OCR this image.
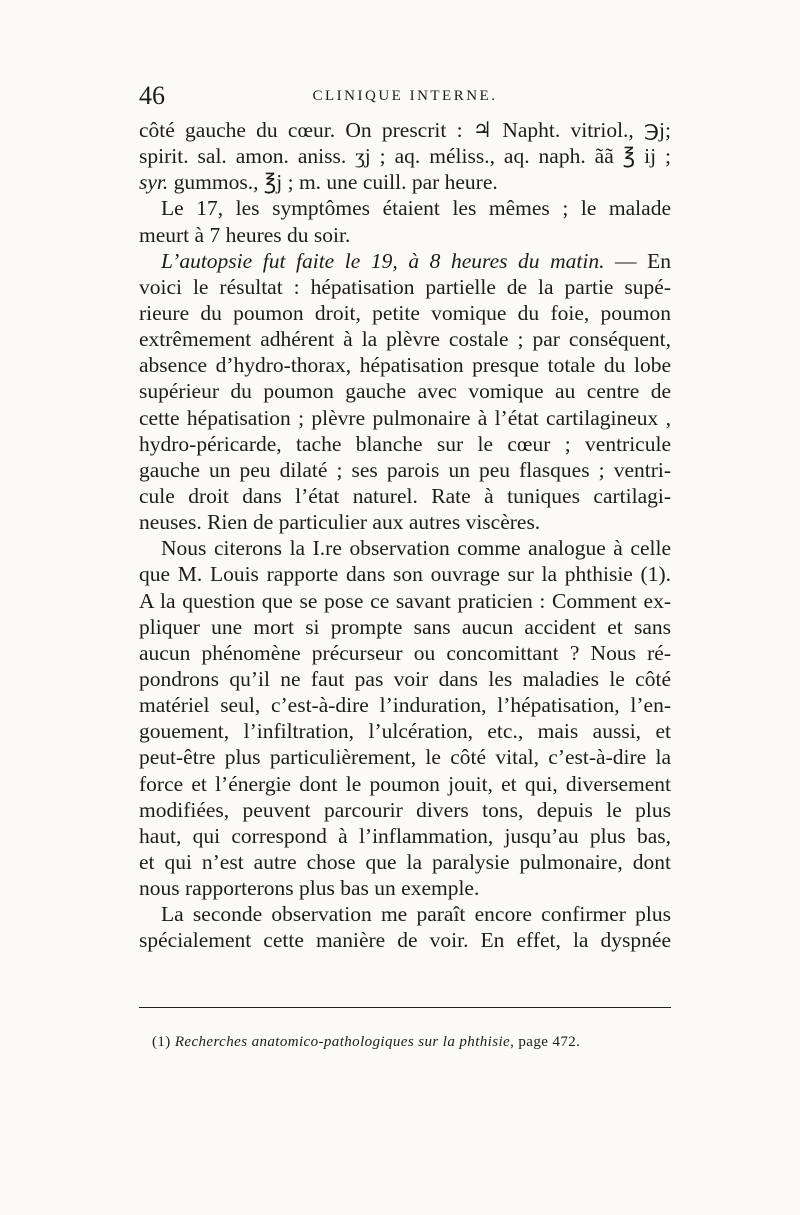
46	CLINIQUE INTERNE.
côté gauche du cœur. On prescrit : ♃ Napht. vitriol., ℈j;
spirit. sal. amon. aniss. ʒj ; aq. méliss., aq. naph. ãã ℥ ij ;
syr. gummos., ℥j ; m. une cuill. par heure.
Le 17, les symptômes étaient les mêmes ; le malade
meurt à 7 heures du soir.
L’autopsie fut faite le 19, à 8 heures du matin. — En
voici le résultat : hépatisation partielle de la partie supé-
rieure du poumon droit, petite vomique du foie, poumon
extrêmement adhérent à la plèvre costale ; par conséquent,
absence d’hydro-thorax, hépatisation presque totale du lobe
supérieur du poumon gauche avec vomique au centre de
cette hépatisation ; plèvre pulmonaire à l’état cartilagineux ,
hydro-péricarde, tache blanche sur le cœur ; ventricule
gauche un peu dilaté ; ses parois un peu flasques ; ventri-
cule droit dans l’état naturel. Rate à tuniques cartilagi-
neuses. Rien de particulier aux autres viscères.
Nous citerons la I.re observation comme analogue à celle
que M. Louis rapporte dans son ouvrage sur la phthisie (1).
A la question que se pose ce savant praticien : Comment ex-
pliquer une mort si prompte sans aucun accident et sans
aucun phénomène précurseur ou concomittant ? Nous ré-
pondrons qu’il ne faut pas voir dans les maladies le côté
matériel seul, c’est-à-dire l’induration, l’hépatisation, l’en-
gouement, l’infiltration, l’ulcération, etc., mais aussi, et
peut-être plus particulièrement, le côté vital, c’est-à-dire la
force et l’énergie dont le poumon jouit, et qui, diversement
modifiées, peuvent parcourir divers tons, depuis le plus
haut, qui correspond à l’inflammation, jusqu’au plus bas,
et qui n’est autre chose que la paralysie pulmonaire, dont
nous rapporterons plus bas un exemple.
La seconde observation me paraît encore confirmer plus
spécialement cette manière de voir. En effet, la dyspnée
(1) Recherches anatomico-pathologiques sur la phthisie, page 472.
